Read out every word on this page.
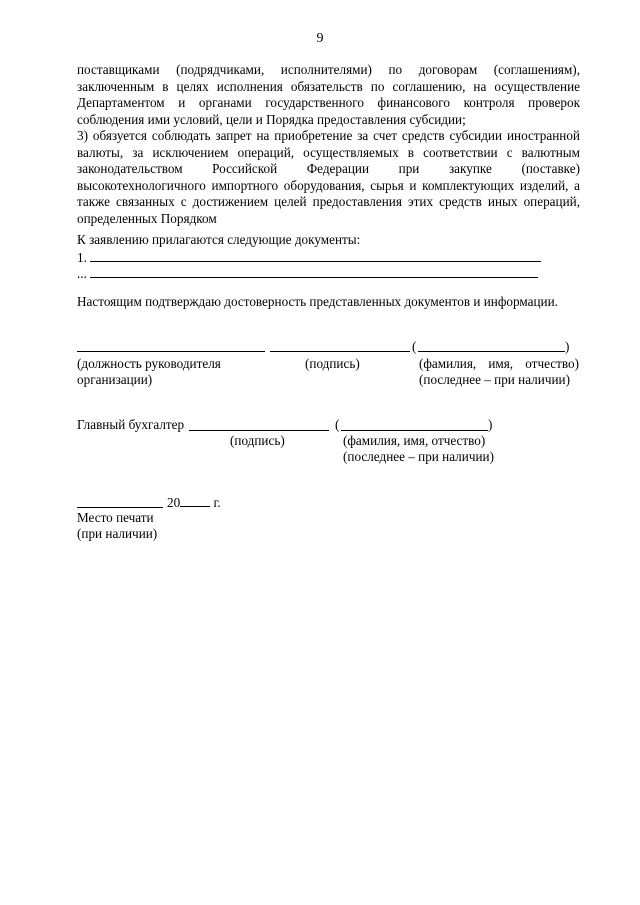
9
поставщиками (подрядчиками, исполнителями) по договорам (соглашениям),
заключенным в целях исполнения обязательств по соглашению, на осуществление
Департаментом и органами государственного финансового контроля проверок
соблюдения ими условий, цели и Порядка предоставления субсидии;
3) обязуется соблюдать запрет на приобретение за счет средств субсидии иностранной
валюты, за исключением операций, осуществляемых в соответствии с валютным
законодательством Российской Федерации при закупке (поставке)
высокотехнологичного импортного оборудования, сырья и комплектующих изделий, а
также связанных с достижением целей предоставления этих средств иных операций,
определенных Порядком
К заявлению прилагаются следующие документы:
1.
...
Настоящим подтверждаю достоверность представленных документов и информации.
(	)
(должность руководителя
организации)
(подпись)	(фамилия, имя, отчество)
(последнее – при наличии)
Главный бухгалтер	(	)
(подпись)	(фамилия, имя, отчество)
(последнее – при наличии)
20	г.
Место печати
(при наличии)
